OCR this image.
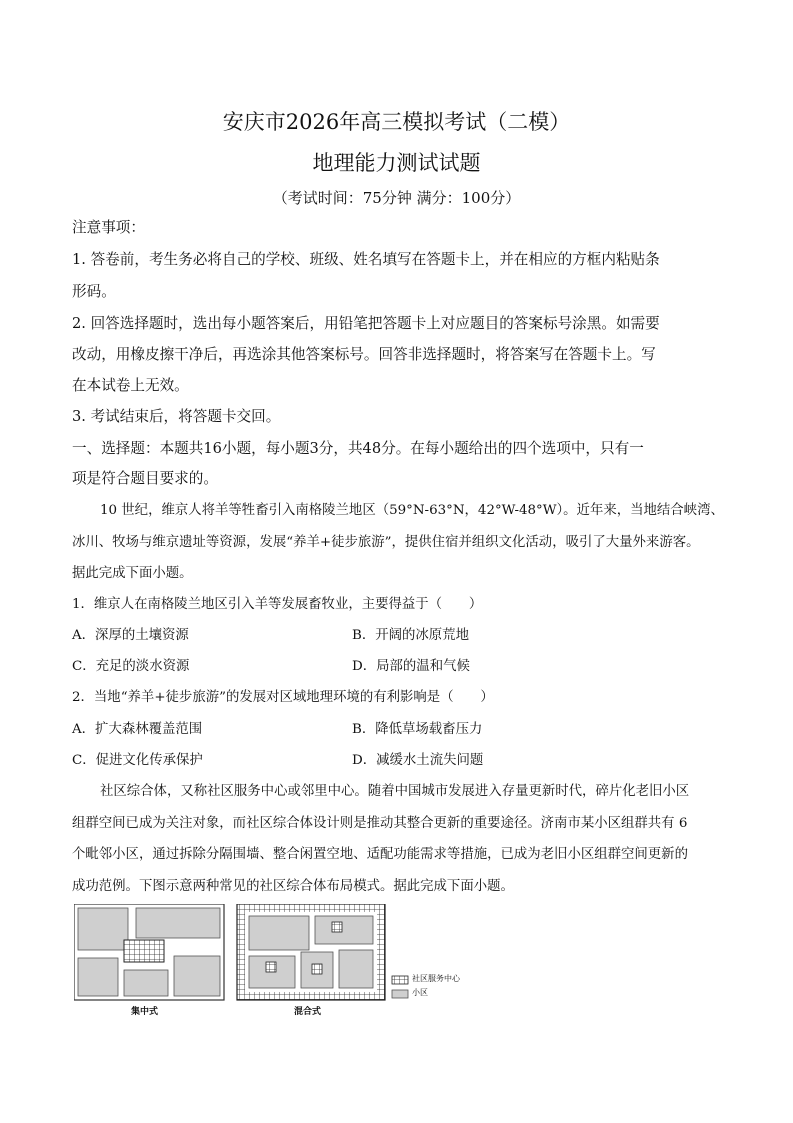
安庆市2026年高三模拟考试（二模）
地理能力测试试题
（考试时间：75分钟 满分：100分）
注意事项：
1. 答卷前，考生务必将自己的学校、班级、姓名填写在答题卡上，并在相应的方框内粘贴条
形码。
2. 回答选择题时，选出每小题答案后，用铅笔把答题卡上对应题目的答案标号涂黑。如需要
改动，用橡皮擦干净后，再选涂其他答案标号。回答非选择题时，将答案写在答题卡上。写
在本试卷上无效。
3. 考试结束后，将答题卡交回。
一、选择题：本题共16小题，每小题3分，共48分。在每小题给出的四个选项中，只有一
项是符合题目要求的。
10 世纪，维京人将羊等牲畜引入南格陵兰地区（59°N-63°N，42°W-48°W）。近年来，当地结合峡湾、
冰川、牧场与维京遗址等资源，发展“养羊+徒步旅游”，提供住宿并组织文化活动，吸引了大量外来游客。
据此完成下面小题。
1．维京人在南格陵兰地区引入羊等发展畜牧业，主要得益于（　　）
A．深厚的土壤资源	B．开阔的冰原荒地
C．充足的淡水资源	D．局部的温和气候
2．当地“养羊+徒步旅游”的发展对区域地理环境的有利影响是（　　）
A．扩大森林覆盖范围	B．降低草场载畜压力
C．促进文化传承保护	D．减缓水土流失问题
社区综合体，又称社区服务中心或邻里中心。随着中国城市发展进入存量更新时代，碎片化老旧小区
组群空间已成为关注对象，而社区综合体设计则是推动其整合更新的重要途径。济南市某小区组群共有 6
个毗邻小区，通过拆除分隔围墙、整合闲置空地、适配功能需求等措施，已成为老旧小区组群空间更新的
成功范例。下图示意两种常见的社区综合体布局模式。据此完成下面小题。
社区服务中心
小区
集中式	混合式
